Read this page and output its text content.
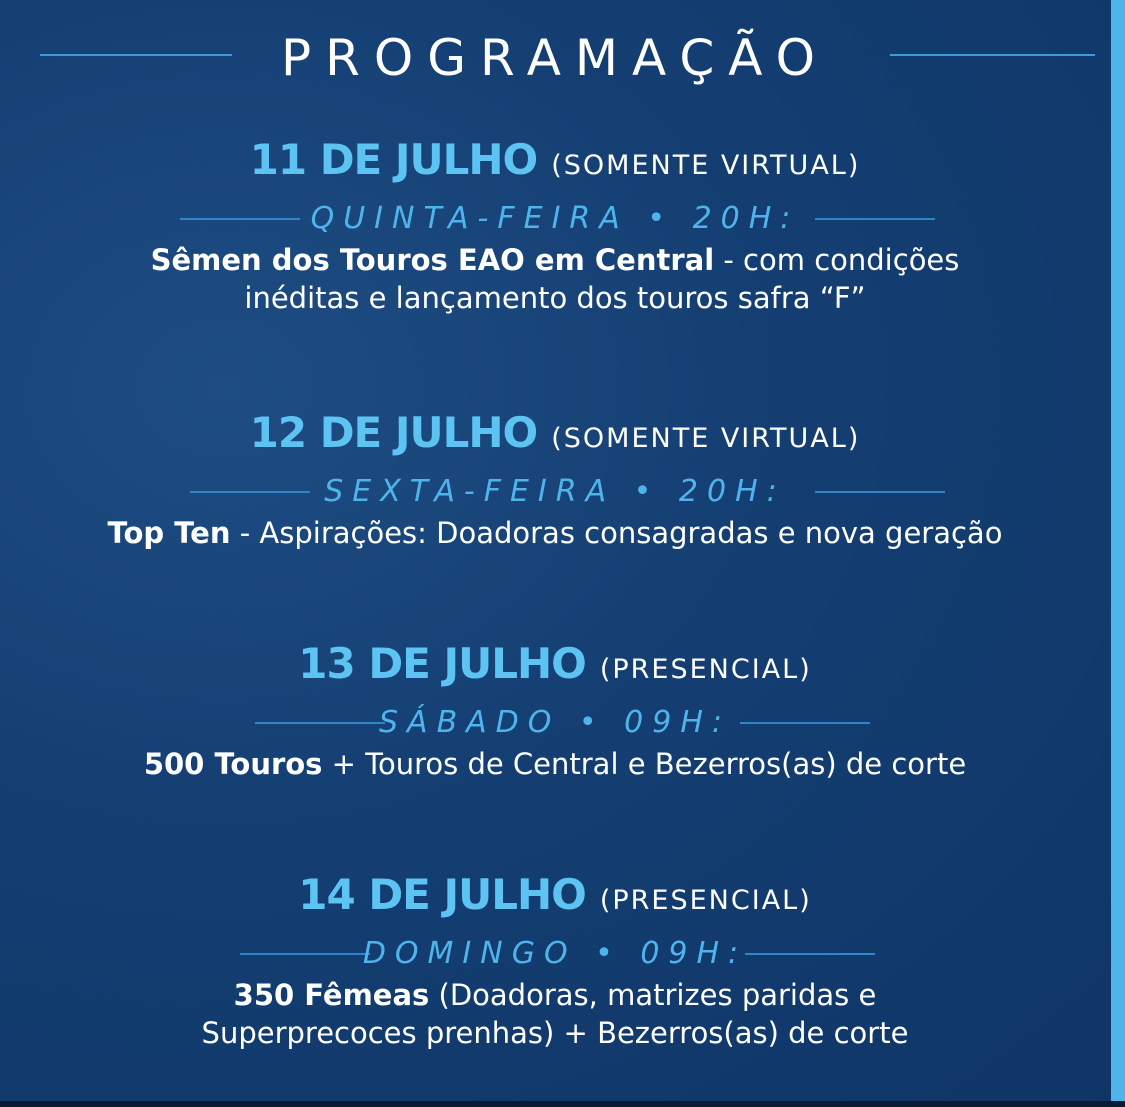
PROGRAMAÇÃO
11 DE JULHO (SOMENTE VIRTUAL)
QUINTA-FEIRA • 20H:
Sêmen dos Touros EAO em Central - com condições
inéditas e lançamento dos touros safra “F”
12 DE JULHO (SOMENTE VIRTUAL)
SEXTA-FEIRA • 20H:
Top Ten - Aspirações: Doadoras consagradas e nova geração
13 DE JULHO (PRESENCIAL)
SÁBADO • 09H:
500 Touros + Touros de Central e Bezerros(as) de corte
14 DE JULHO (PRESENCIAL)
DOMINGO • 09H:
350 Fêmeas (Doadoras, matrizes paridas e
Superprecoces prenhas) + Bezerros(as) de corte
